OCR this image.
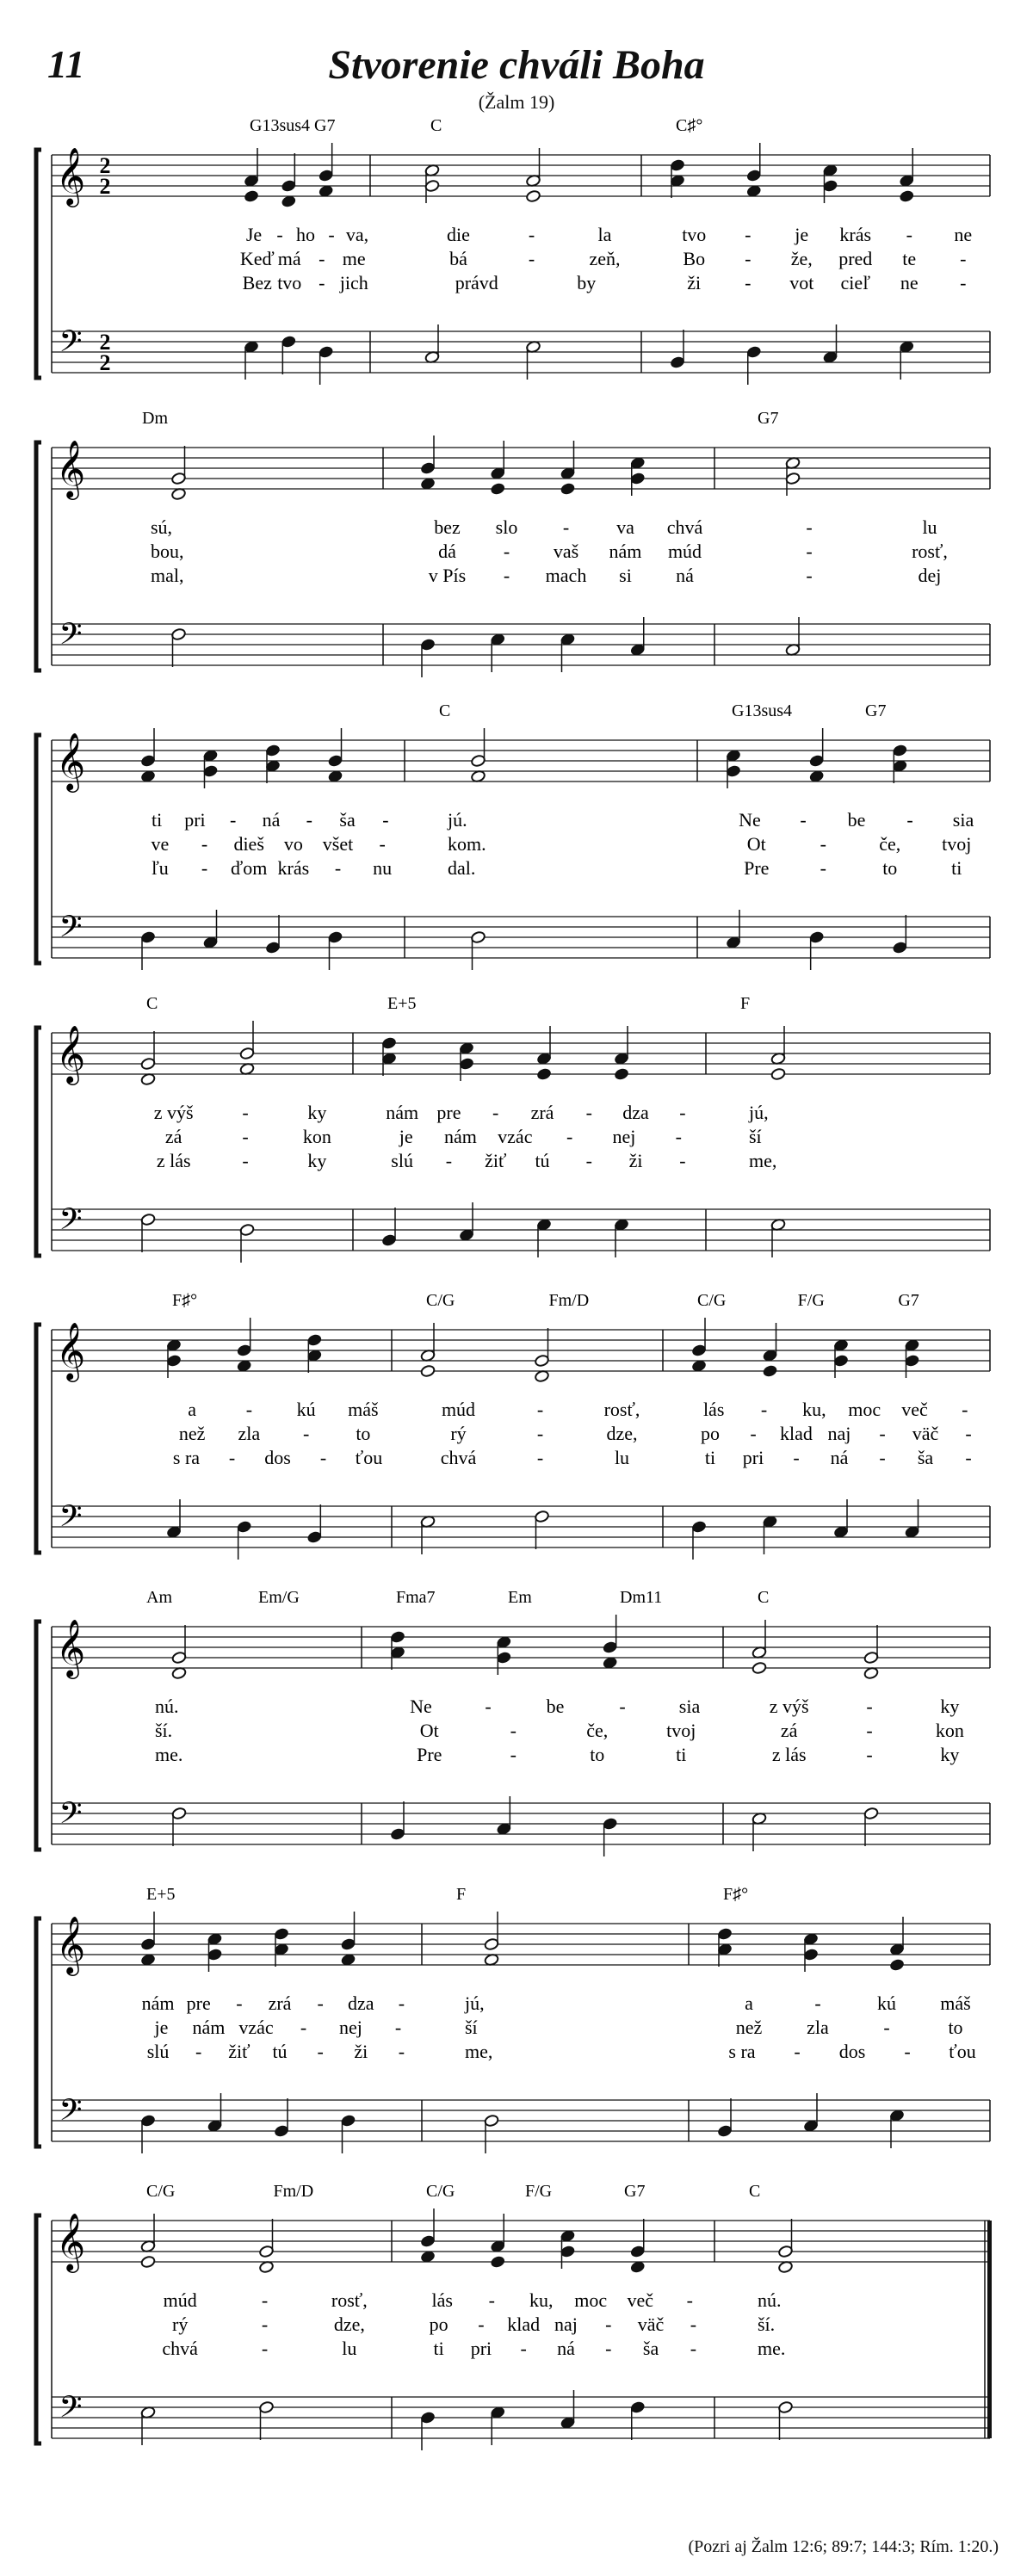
11	Stvorenie chváli Boha
(Žalm 19)
𝄞
𝄢
2
2
2
2
G13sus4 G7
Je - ho - va,
Keď má - me
Bez tvo - jich
C
die	-	la
bá	-	zeň,
právd	by
C♯°
tvo - je krás - ne
Bo - že, pred te -
ži - vot cieľ ne -
𝄞
𝄢
Dm
sú,
bou,
mal,
bez slo - va chvá
dá - vaš nám múd
v Pís - mach si ná
G7
-	lu
-	rosť,
-	dej
𝄞
𝄢
ti pri - ná - ša -
ve - dieš vo všet -
ľu - ďom krás - nu
C
jú.
kom.
dal.
G13sus4	G7
Ne - be - sia
Ot	-	če, tvoj
Pre	-	to	ti
𝄞
𝄢
C
z výš	-	ky
zá	-	kon
z lás	-	ky
E+5
nám pre - zrá - dza -
je nám vzác - nej -
slú - žiť tú - ži -
F
jú,
ší
me,
𝄞
𝄢
F♯°
a	- kú máš
než zla - to
s ra - dos - ťou
C/G	Fm/D
múd	-	rosť,
rý	-	dze,
chvá	-	lu
C/G	F/G	G7
lás - ku, moc več -
po - klad naj - väč -
ti pri - ná - ša -
𝄞
𝄢
Am	Em/G
nú.
ší.
me.
Fma7	Em	Dm11
Ne	-	be	-	sia
Ot	-	če,	tvoj
Pre	-	to	ti
C
z výš	-	ky
zá	-	kon
z lás	-	ky
𝄞
𝄢
E+5
nám pre - zrá - dza -
je nám vzác - nej -
slú - žiť tú - ži -
F
jú,
ší
me,
F♯°
a	-	kú máš
než zla	-	to
s ra - dos - ťou
𝄞
𝄢
C/G	Fm/D
múd	-	rosť,
rý	-	dze,
chvá	-	lu
C/G	F/G	G7
lás - ku, moc več -
po - klad naj - väč -
ti pri - ná - ša -
C
nú.
ší.
me.
(Pozri aj Žalm 12:6; 89:7; 144:3; Rím. 1:20.)
